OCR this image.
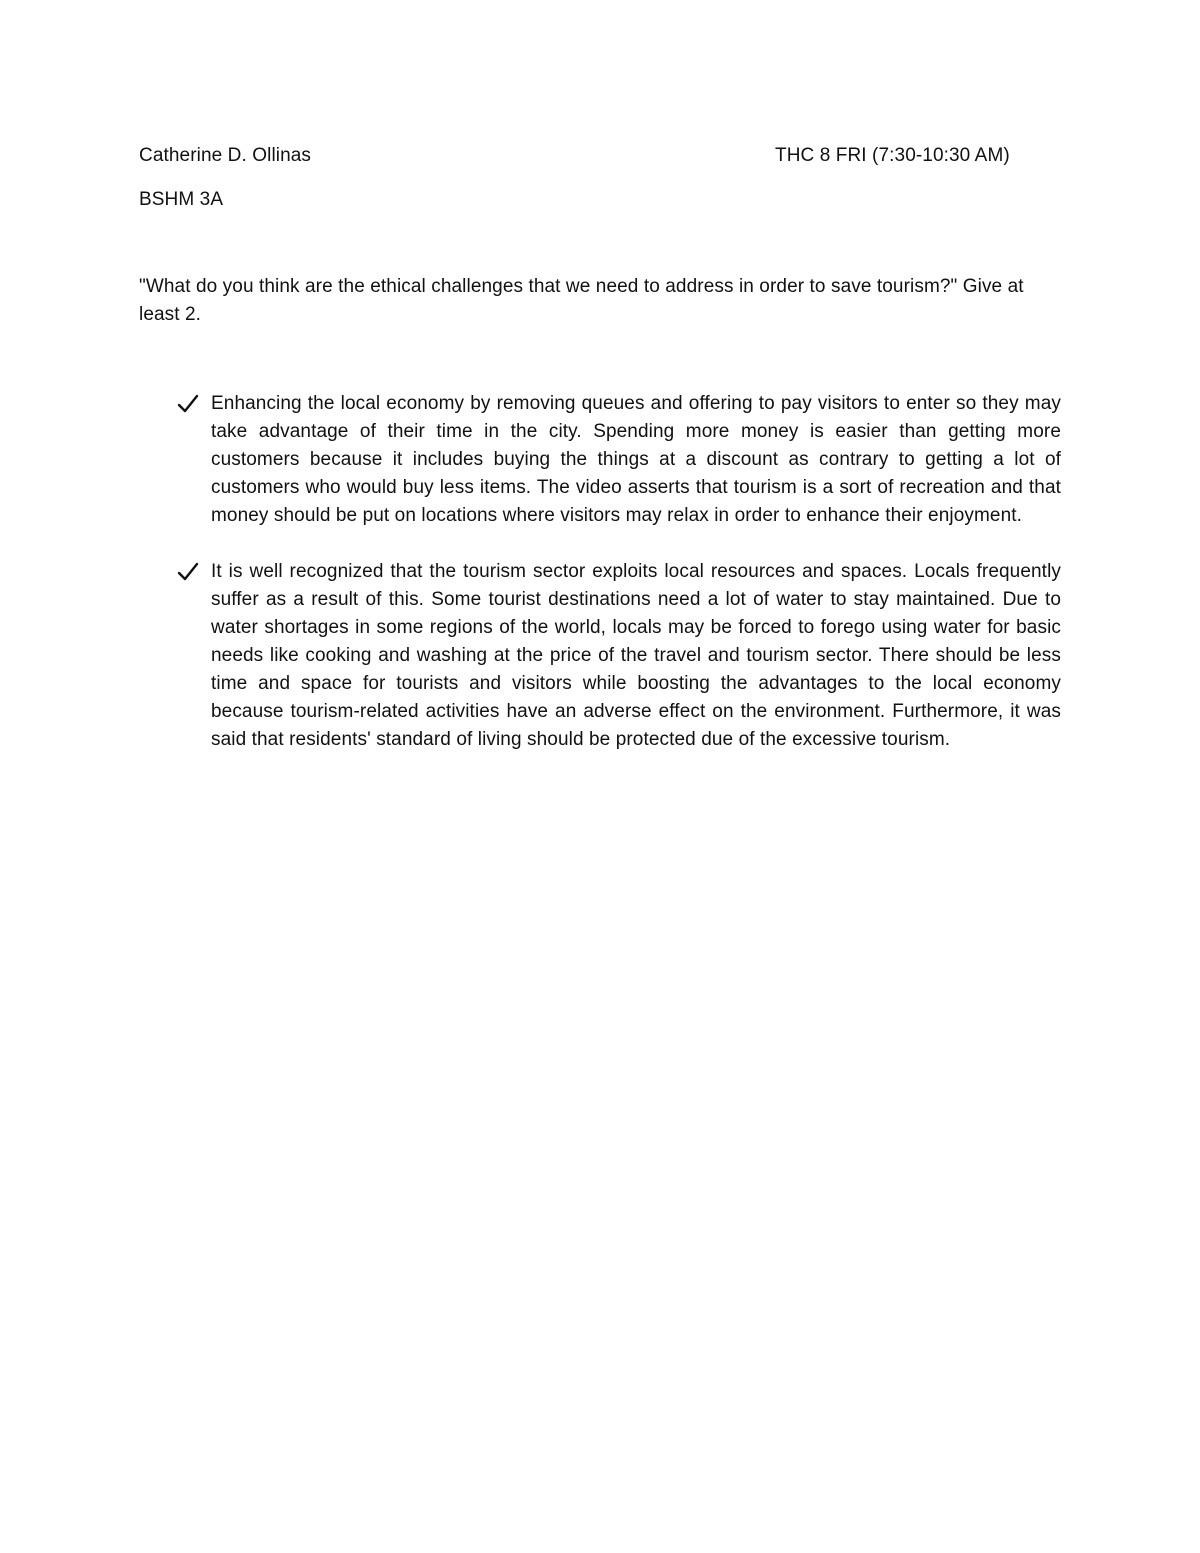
Catherine D. Ollinas	THC 8 FRI (7:30-10:30 AM)
BSHM 3A
"What do you think are the ethical challenges that we need to address in order to save tourism?" Give at least 2.
Enhancing the local economy by removing queues and offering to pay visitors to enter so they may take advantage of their time in the city. Spending more money is easier than getting more customers because it includes buying the things at a discount as contrary to getting a lot of customers who would buy less items. The video asserts that tourism is a sort of recreation and that money should be put on locations where visitors may relax in order to enhance their enjoyment.
It is well recognized that the tourism sector exploits local resources and spaces. Locals frequently suffer as a result of this. Some tourist destinations need a lot of water to stay maintained. Due to water shortages in some regions of the world, locals may be forced to forego using water for basic needs like cooking and washing at the price of the travel and tourism sector. There should be less time and space for tourists and visitors while boosting the advantages to the local economy because tourism-related activities have an adverse effect on the environment. Furthermore, it was said that residents' standard of living should be protected due of the excessive tourism.
